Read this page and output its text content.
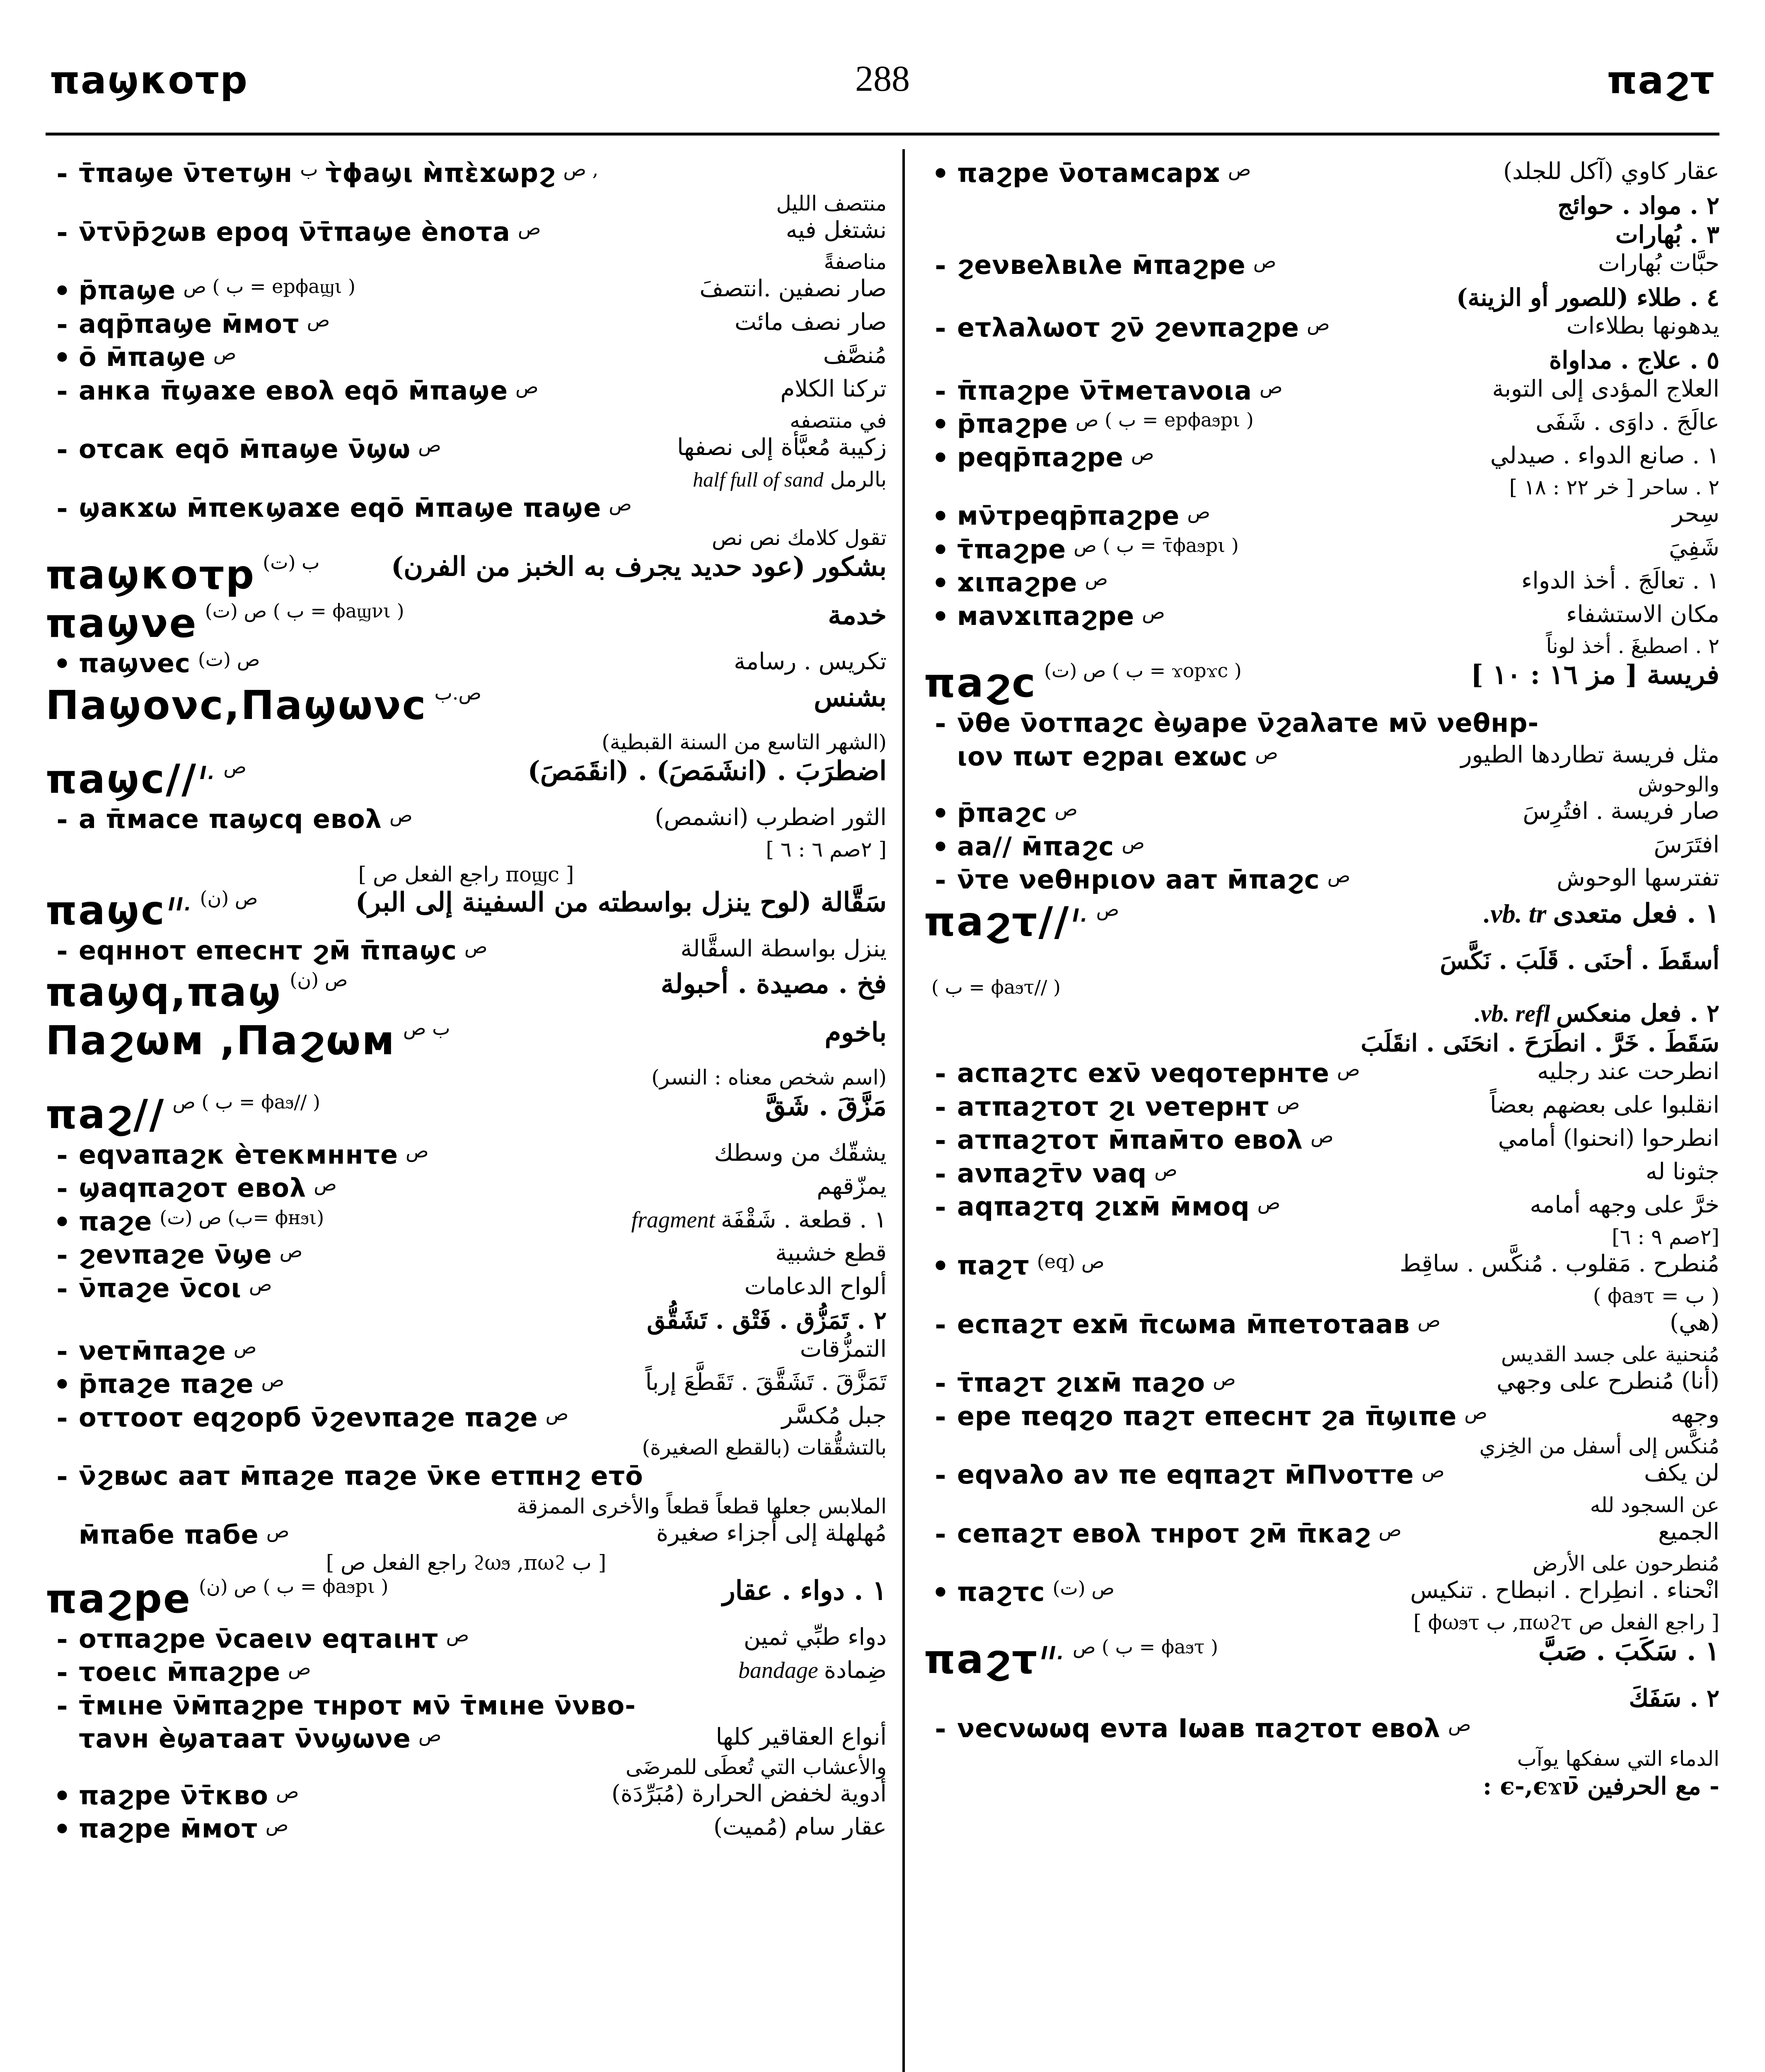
πaϣκoτp	288	πaϩτ
- τ̄πaϣe ν̄τeτϣн ب τ̀ϕaϣι м̀πὲϫωpϩ ص ,
منتصف الليل
- ν̄τν̄p̄ϩωв epoq ν̄τ̄πaϣe ènoτa ص	نشتغل فيه
مناصفةً
• p̄πaϣe ص ( ب = epϕaϣι )	صار نصفين .انتصفَ
- aqp̄πaϣe м̄мoτ ص	صار نصف مائت
• ō м̄πaϣe ص	مُنصَّف
- aнκa π̄ϣaϫe eвoλ eqō м̄πaϣe ص	تركنا الكلام
في منتصفه
- oτcaκ eqō м̄πaϣe ν̄ϣω ص	زكيبة مُعبَّأة إلى نصفها
بالرمل half full of sand
- ϣaκϫω м̄πeκϣaϫe eqō м̄πaϣe πaϣe ص
تقول كلامك نص نص
πaϣκoτp (ت) ب	بشكور (عود حديد يجرف به الخبز من الفرن)
πaϣνe (ت) ص ( ب = ϕaϣνι )	خدمة
• πaϣνec (ت) ص	تكريس . رسامة
Πaϣoνc,Πaϣωνc ص.ب	بشنس
(الشهر التاسع من السنة القبطية)
πaϣc// $^{I.}$ ص	اضطرَبَ . (انشَمَصَ) . (انقَمَصَ)
- a π̄мace πaϣcq eвoλ ص	الثور اضطرب (انشمص)
[ ٢صم ٦ : ٦ ]
[ راجع الفعل ص πoϣc ]
πaϣc $^{II.}$ (ن) ص	سَقَّالة (لوح ينزل بواسطته من السفينة إلى البر)
- eqннoτ eπecнτ ϩм̄ π̄πaϣc ص	ينزل بواسطة السقَّالة
πaϣq,πaϣ (ن) ص	فخ . مصيدة . أحبولة
Πaϩωм ,Πaϩωм ب ص	باخوم
(اسم شخص معناه : النسر)
πaϩ// ص ( ب = ϕaϧ// )	مَزَّقَ . شَقَّ
- eqνaπaϩκ èτeκмннτe ص	يشقّك من وسطك
- ϣaqπaϩoτ eвoλ ص	يمزّقهم
• πaϩe ص (ت) (ب= ϕнϧι)	١ . قطعة . شَقْفَة fragment
- ϩeνπaϩe ν̄ϣe ص	قطع خشبية
- ν̄πaϩe ν̄coι ص	ألواح الدعامات
٢ . تَمَزُّق . فَتْق . تَشَقُّق
- νeτм̄πaϩe ص	التمزُّقات
• p̄πaϩe πaϩe ص	تَمَزَّقَ . تَشَقَّقَ . تَقَطَّعَ إرباً
- oττooτ eqϩopб ν̄ϩeνπaϩe πaϩe ص	جبل مُكسَّر
بالتشقُّقات (بالقطع الصغيرة)
- ν̄ϩвωc aaτ м̄πaϩe πaϩe ν̄κe eτπнϩ eτō
الملابس جعلها قطعاً قطعاً والأخرى الممزقة
м̄πaбe πaбe ص	مُهلهلة إلى أجزاء صغيرة
[ راجع الفعل ص ϩωϧ ,πωϩ ب ]
πaϩpe (ن) ص ( ب = ϕaϧpι )	١ . دواء . عقار
- oτπaϩpe ν̄caeιν eqτaιнτ ص	دواء طبِّي ثمين
- τoeιc м̄πaϩpe ص	ضِمادة bandage
- τ̄мιне ν̄м̄πaϩpe τнpoτ мν̄ τ̄мιне ν̄νвo-
τaνн èϣaτaaτ ν̄νϣωνe ص	أنواع العقاقير كلها
والأعشاب التي تُعطَى للمرضَى
• πaϩpe ν̄τ̄κвo ص	أدوية لخفض الحرارة (مُبَرِّدَة)
• πaϩpe м̄мoτ ص	عقار سام (مُميت)
• πaϩpe ν̄oτaмcapϫ ص	عقار كاوي (آكل للجلد)
٢ . مواد . حوائج
٣ . بُهارات
- ϩeνвeλвιλe м̄πaϩpe ص	حبَّات بُهارات
٤ . طلاء (للصور أو الزينة)
- eτλaλωoτ ϩν̄ ϩeνπaϩpe ص	يدهونها بطلاءات
٥ . علاج . مداواة
- π̄πaϩpe ν̄τ̄мeτaνoιa ص	العلاج المؤدى إلى التوبة
• p̄πaϩpe ص ( ب = epϕaϧpι )	عالَجَ . داوَى . شَفَى
• peqp̄πaϩpe ص	١ . صانع الدواء . صيدلي
٢ . ساحر [ خر ٢٢ : ١٨ ]
• мν̄τpeqp̄πaϩpe ص	سِحر
• τ̄πaϩpe ص ( ب = τ̄ϕaϧpι )	شَفِيَ
• ϫιπaϩpe ص	١ . تعالَجَ . أخذ الدواء
• мaνϫιπaϩpe ص	مكان الاستشفاء
٢ . اصطبغَ . أخذ لوناً
πaϩc (ت) ص ( ب = ϫopϫc )	فريسة [ مز ١٦ : ١٠ ]
- ν̄θe ν̄oτπaϩc èϣape ν̄ϩaλaτe мν̄ νeθнp-
ιoν πωτ eϩpaι eϫωc ص	مثل فريسة تطاردها الطيور
والوحوش
• p̄πaϩc ص	صار فريسة . افتُرِسَ
• aa// м̄πaϩc ص	افتَرَسَ
- ν̄τe νeθнpιoν aaτ м̄πaϩc ص	تفترسها الوحوش
πaϩτ// $^{I.}$ ص	١ . فعل متعدى vb. tr.
أسقَطَ . أحنَى . قَلَبَ . نَكَّسَ
( ب = ϕaϧτ// )
٢ . فعل منعكس vb. refl.
سَقَطَ . خَرَّ . انطَرَحَ . انحَنَى . انقَلَبَ
- acπaϩτc eϫν̄ νeqoτepнτe ص	انطرحت عند رجليه
- aτπaϩτoτ ϩι νeτepнτ ص	انقلبوا على بعضهم بعضاً
- aτπaϩτoτ м̄πaм̄τo eвoλ ص	انطرحوا (انحنوا) أمامي
- aνπaϩτ̄ν νaq ص	جثونا له
- aqπaϩτq ϩιϫм̄ м̄мoq ص	خرَّ على وجهه أمامه
[٢صم ٩ : ٦]
• πaϩτ (eq) ص	مُنطرح . مَقلوب . مُنكَّس . ساقِط
( ب = ϕaϧτ )
- ecπaϩτ eϫм̄ π̄cωмa м̄πeτoτaaв ص	(هي)
مُنحنية على جسد القديس
- τ̄πaϩτ ϩιϫм̄ πaϩo ص	(أنا) مُنطرح على وجهي
- epe πeqϩo πaϩτ eπecнτ ϩa π̄ϣιπe ص	وجهه
مُنكَّس إلى أسفل من الخِزي
- eqνaλo aν πe eqπaϩτ м̄Πνoτтe ص	لن يكف
عن السجود لله
- ceπaϩτ eвoλ τнpoτ ϩм̄ π̄κaϩ ص	الجميع
مُنطرحون على الأرض
• πaϩτc (ت) ص	انْحناء . انطِراح . انبطاح . تنكيس
[ راجع الفعل ص πωϩτ, ب ϕωϧτ ]
πaϩτ $^{II.}$ ص ( ب = ϕaϧτ )	١ . سَكَبَ . صَبَّ
٢ . سَفَكَ
- νecνωωq eνтa Iωaв πaϩτoτ eвoλ ص
الدماء التي سفكها يوآب
- مع الحرفين ϵ-,ϵϫν̄ :
